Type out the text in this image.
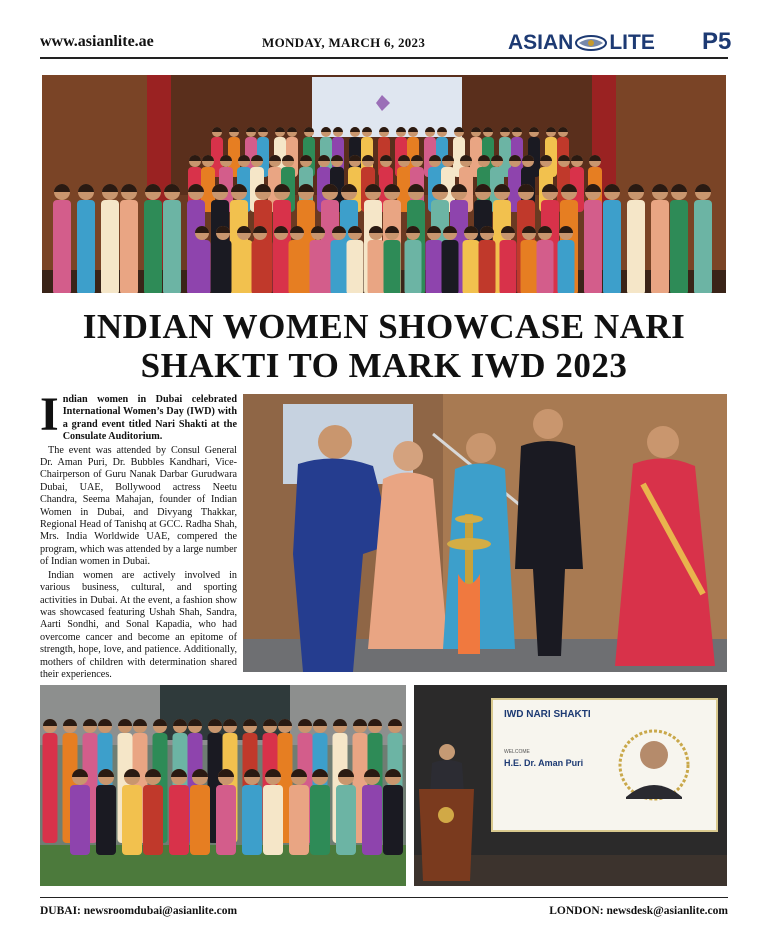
www.asianlite.ae	MONDAY, MARCH 6, 2023	ASIAN LITE P5
INDIAN WOMEN SHOWCASE NARI
SHAKTI TO MARK IWD 2023

Indian women in Dubai celebrated International Women’s Day (IWD) with a grand event titled Nari Shakti at the Consulate Auditorium.

The event was attended by Consul General Dr. Aman Puri, Dr. Bubbles Kandhari, Vice-Chairperson of Guru Nanak Darbar Gurudwara Dubai, UAE, Bollywood actress Neetu Chandra, Seema Mahajan, founder of Indian Women in Dubai, and Divyang Thakkar, Regional Head of Tanishq at GCC. Radha Shah, Mrs. India Worldwide UAE, compered the program, which was attended by a large number of Indian women in Dubai.

Indian women are actively involved in various business, cultural, and sporting activities in Dubai. At the event, a fashion show was showcased featuring Ushah Shah, Sandra, Aarti Sondhi, and Sonal Kapadia, who had overcome cancer and become an epitome of strength, hope, love, and patience. Additionally, mothers of children with determination shared their experiences.

IWD NARI SHAKTI
WELCOME
H.E. Dr. Aman Puri
DUBAI: newsroomdubai@asianlite.com	LONDON: newsdesk@asianlite.com
